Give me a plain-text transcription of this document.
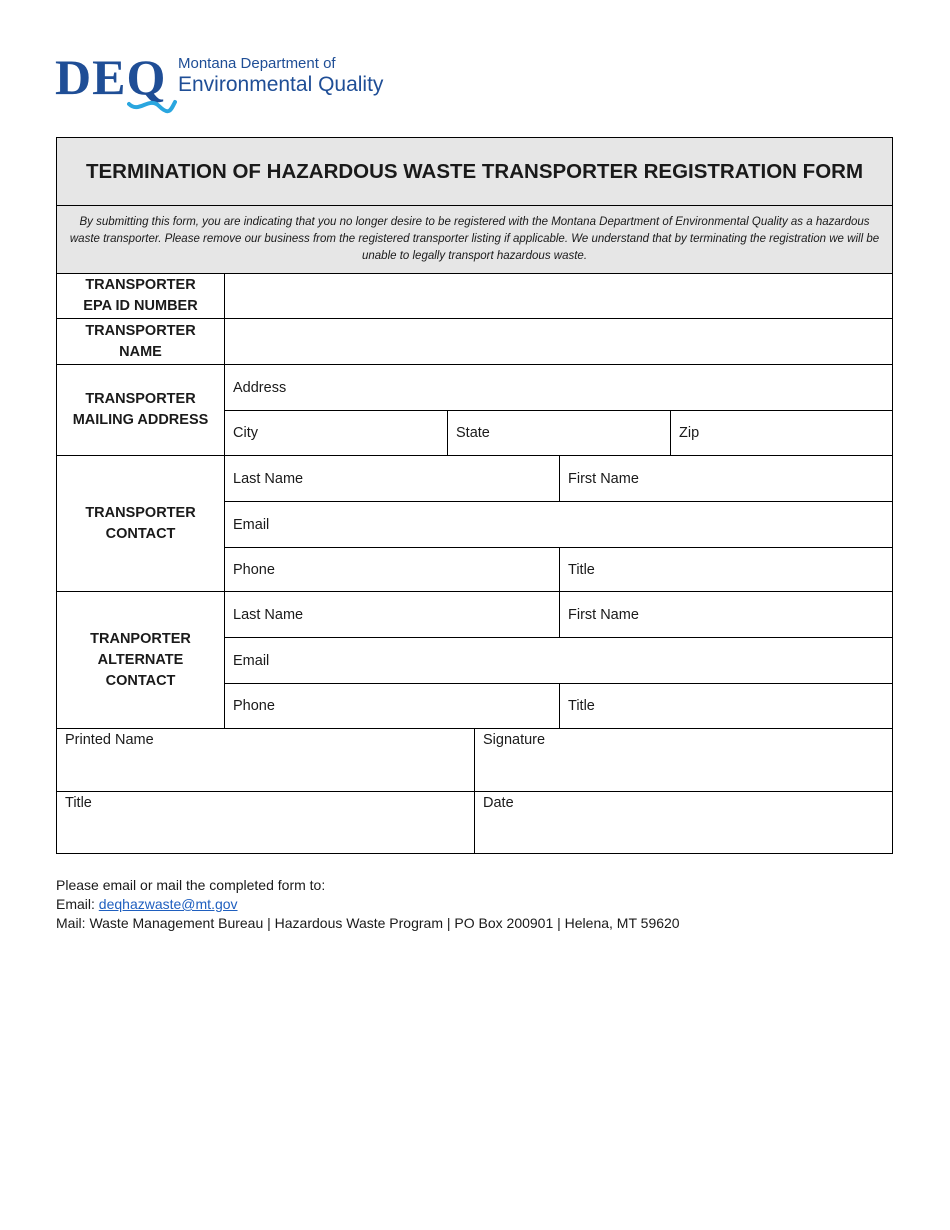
DEQ Montana Department of
Environmental Quality
TERMINATION OF HAZARDOUS WASTE TRANSPORTER REGISTRATION FORM
By submitting this form, you are indicating that you no longer desire to be registered with the Montana Department of Environmental Quality as a hazardous waste transporter. Please remove our business from the registered transporter listing if applicable. We understand that by terminating the registration we will be unable to legally transport hazardous waste.
TRANSPORTER EPA ID NUMBER
TRANSPORTER NAME
TRANSPORTER MAILING ADDRESS
Address
City	State	Zip
TRANSPORTER CONTACT
Last Name	First Name
Email
Phone	Title
TRANPORTER ALTERNATE CONTACT
Last Name	First Name
Email
Phone	Title
Printed Name	Signature
Title	Date
Please email or mail the completed form to:
Email: deqhazwaste@mt.gov
Mail: Waste Management Bureau | Hazardous Waste Program | PO Box 200901 | Helena, MT 59620
